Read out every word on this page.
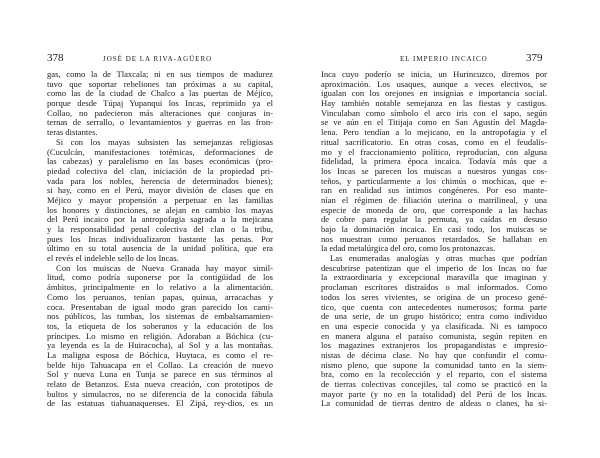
378	JOSÉ DE LA RIVA-AGÜERO
gas, como la de Tlaxcala; ni en sus tiempos de madurez
tuvo que soportar rebeliones tan próximas a su capital,
como las de la ciudad de Chalco a las puertas de Méjico,
porque desde Túpaj Yupanqui los Incas, reprimido ya el
Collao, no padecieron más alteraciones que conjuras in-
ternas de serrallo, o levantamientos y guerras en las fron-
teras distantes.
Si con los mayas subsisten las semejanzas religiosas
(Cuculcán, manifestaciones totémicas, deformaciones de
las cabezas) y paralelismo en las bases económicas (pro-
piedad colectiva del clan, iniciación de la propiedad pri-
vada para los nobles, herencia de determinados bienes);
si hay, como en el Perú, mayor división de clases que en
Méjico y mayor propensión a perpetuar en las familias
los honores y distinciones, se alejan en cambio los mayas
del Perú incaico por la antropofagia sagrada a la mejicana
y la responsabilidad penal colectiva del clan o la tribu,
pues los Incas individualizaron bastante las penas. Por
último en su total ausencia de la unidad política, que era
el revés el indeleble sello de los Incas.
Con los muiscas de Nueva Granada hay mayor simil-
litud, como podría suponerse por la contigüidad de los
ámbitos, principalmente en lo relativo a la alimentación.
Como los peruanos, tenían papas, quinua, arracachas y
coca. Presentaban de igual modo gran parecido los cami-
nos públicos, las tumbas, los sistemas de embalsamamien-
tos, la etiqueta de los soberanos y la educación de los
príncipes. Lo mismo en religión. Adoraban a Bóchica (cu-
ya leyenda es la de Huiracocha), al Sol y a las montañas.
La maligna esposa de Bóchica, Huytaca, es como el re-
belde hijo Tahuacapa en el Collao. La creación de nuevo
Sol y nueva Luna en Tunja se parece en sus términos al
relato de Betanzos. Esta nueva creación, con prototipos de
bultos y simulacros, no se diferencia de la conocida fábula
de las estatuas tiahuanaquenses. El Zipá, rey-dios, es un
EL IMPERIO INCAICO	379
Inca cuyo poderío se inicia, un Hurincuzco, diremos por
aproximación. Los usaques, aunque a veces electivos, se
igualan con los orejones en insignias e importancia social.
Hay también notable semejanza en las fiestas y castigos.
Vinculaban como símbolo el arco iris con el sapo, según
se ve aún en el Titijaja como en San Agustín del Magda-
lena. Pero tendían a lo mejicano, en la antropofagia y el
ritual sacrificatorio. En otras cosas, como en el feudalis-
mo y el fraccionamiento político, reproducían, con alguna
fidelidad, la primera época incaica. Todavía más que a
los Incas se parecen los muiscas a nuestros yungas cos-
teños, y particularmente a los chimús o mochicas, que e-
ran en realidad sus íntimos congéneres. Por eso mante-
nían el régimen de filiación uterina o matrilineal, y una
especie de moneda de oro, que corresponde a las hachas
de cobre para regular la permuta, ya caídas en desuso
bajo la dominación incaica. En casi todo, los muiscas se
nos muestran como peruanos retardados. Se hallaban en
la edad metalúrgica del oro, como los protonazcas.
Las enumeradas analogías y otras muchas que podrían
descubrirse patentizan que el imperio de los Incas no fue
la extraordinaria y excepcional maravilla que imaginan y
proclaman escritores distraídos o mal informados. Como
todos los seres vivientes, se origina de un proceso gené-
tico, que cuenta con antecedentes numerosos; forma parte
de una serie, de un grupo histórico; entra como individuo
en una especie conocida y ya clasificada. Ni es tampoco
en manera alguna el paraíso comunista, según repiten en
los magazines extranjeros los propagandistas e impresio-
nistas de décima clase. No hay que confundir el comu-
nismo pleno, que supone la comunidad tanto en la siem-
bra, como en la recolección y el reparto, con el sistema
de tierras colectivas concejiles, tal como se practicó en la
mayor parte (y no en la totalidad) del Perú de los Incas.
La comunidad de tierras dentro de aldeas o clanes, ha si-
